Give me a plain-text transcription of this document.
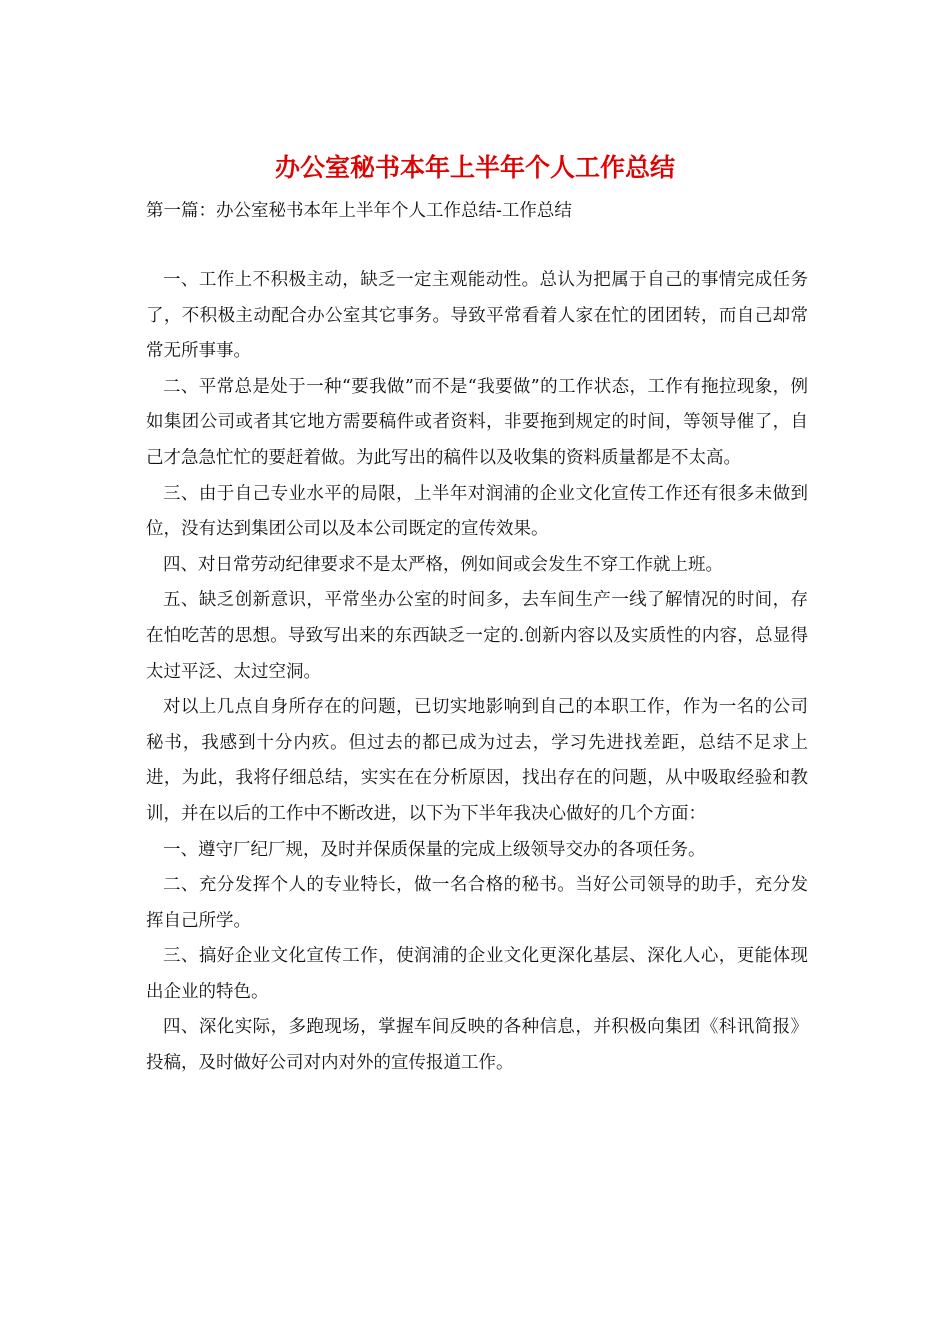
办公室秘书本年上半年个人工作总结
第一篇：办公室秘书本年上半年个人工作总结-工作总结

一、工作上不积极主动，缺乏一定主观能动性。总认为把属于自己的事情完成任务了，不积极主动配合办公室其它事务。导致平常看着人家在忙的团团转，而自己却常常无所事事。

二、平常总是处于一种“要我做”而不是“我要做”的工作状态，工作有拖拉现象，例如集团公司或者其它地方需要稿件或者资料，非要拖到规定的时间，等领导催了，自己才急急忙忙的要赶着做。为此写出的稿件以及收集的资料质量都是不太高。

三、由于自己专业水平的局限，上半年对润浦的企业文化宣传工作还有很多未做到位，没有达到集团公司以及本公司既定的宣传效果。

四、对日常劳动纪律要求不是太严格，例如间或会发生不穿工作就上班。

五、缺乏创新意识，平常坐办公室的时间多，去车间生产一线了解情况的时间，存在怕吃苦的思想。导致写出来的东西缺乏一定的.创新内容以及实质性的内容，总显得太过平泛、太过空洞。

对以上几点自身所存在的问题，已切实地影响到自己的本职工作，作为一名的公司秘书，我感到十分内疚。但过去的都已成为过去，学习先进找差距，总结不足求上进，为此，我将仔细总结，实实在在分析原因，找出存在的问题，从中吸取经验和教训，并在以后的工作中不断改进，以下为下半年我决心做好的几个方面：

一、遵守厂纪厂规，及时并保质保量的完成上级领导交办的各项任务。

二、充分发挥个人的专业特长，做一名合格的秘书。当好公司领导的助手，充分发挥自己所学。

三、搞好企业文化宣传工作，使润浦的企业文化更深化基层、深化人心，更能体现出企业的特色。

四、深化实际，多跑现场，掌握车间反映的各种信息，并积极向集团《科讯简报》投稿，及时做好公司对内对外的宣传报道工作。
